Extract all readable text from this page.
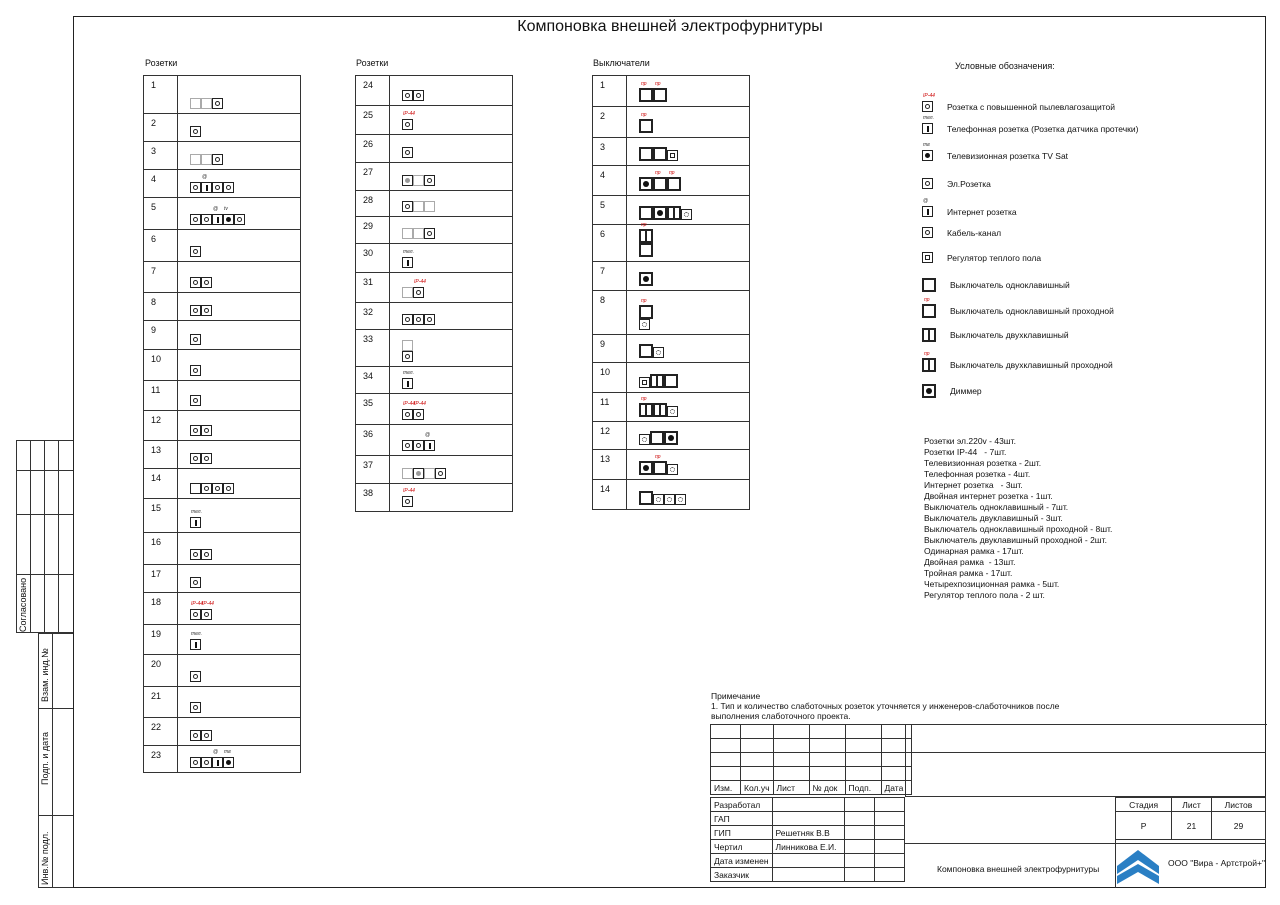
Компоновка внешней электрофурнитуры
Розетки	Розетки	Выключатели
1	

2	

3	

4	@

5	@ tv

6	

7	

8	

9	

10	

11	

12	

13	

14	

15	тел.

16	

17	

18	IP-44 IP-44

19	тел.

20	

21	

22	

23	@ тв
24	

25	IP-44

26	

27	

28	

29	

30	тел.

31	IP-44

32	

33	

34	тел.

35	IP-44 IP-44

36	@

37	

38	IP-44
1	пр пр

2	пр

3	

4	пр пр

5	

6	пр

7	

8	пр

9	

10	

11	пр

12	

13	пр

14	
Условные обозначения:
IP-44
Розетка с повышенной пылевлагозащитой
тел.
Телефонная розетка (Розетка датчика протечки)
тв
Телевизионная розетка TV Sat
Эл.Розетка
@
Интернет розетка
Кабель-канал
Регулятор теплого пола
Выключатель одноклавишный
пр
Выключатель одноклавишный проходной
Выключатель двухклавишный
пр
Выключатель двухклавишный проходной
Диммер
Розетки эл.220v - 43шт.
Розетки IP-44   - 7шт.
Телевизионная розетка - 2шт.
Телефонная розетка - 4шт.
Интернет розетка   - 3шт.
Двойная интернет розетка - 1шт.
Выключатель одноклавишный - 7шт.
Выключатель двуклавишный - 3шт.
Выключатель одноклавишный проходной - 8шт.
Выключатель двуклавишный проходной - 2шт.
Одинарная рамка - 17шт.
Двойная рамка  - 13шт.
Тройная рамка - 17шт.
Четырехпозиционная рамка - 5шт.
Регулятор теплого пола - 2 шт.
Примечание
1. Тип и количество слаботочных розеток уточняется у инженеров-слаботочников после
выполнения слаботочного проекта.

Изм.	Кол.уч	Лист	№ док	Подп.	Дата
Разработал			
ГАП			
ГИП	Решетняк В.В		
Чертил	Линникова Е.И.		
Дата изменен			
Заказчик			
Стадия	Лист	Листов
Р	21	29
Компоновка внешней электрофурнитуры
ООО "Вира - Артстрой+"
Согласовано
Взам. инд.№
Подп. и дата
Инв.№ подл.
